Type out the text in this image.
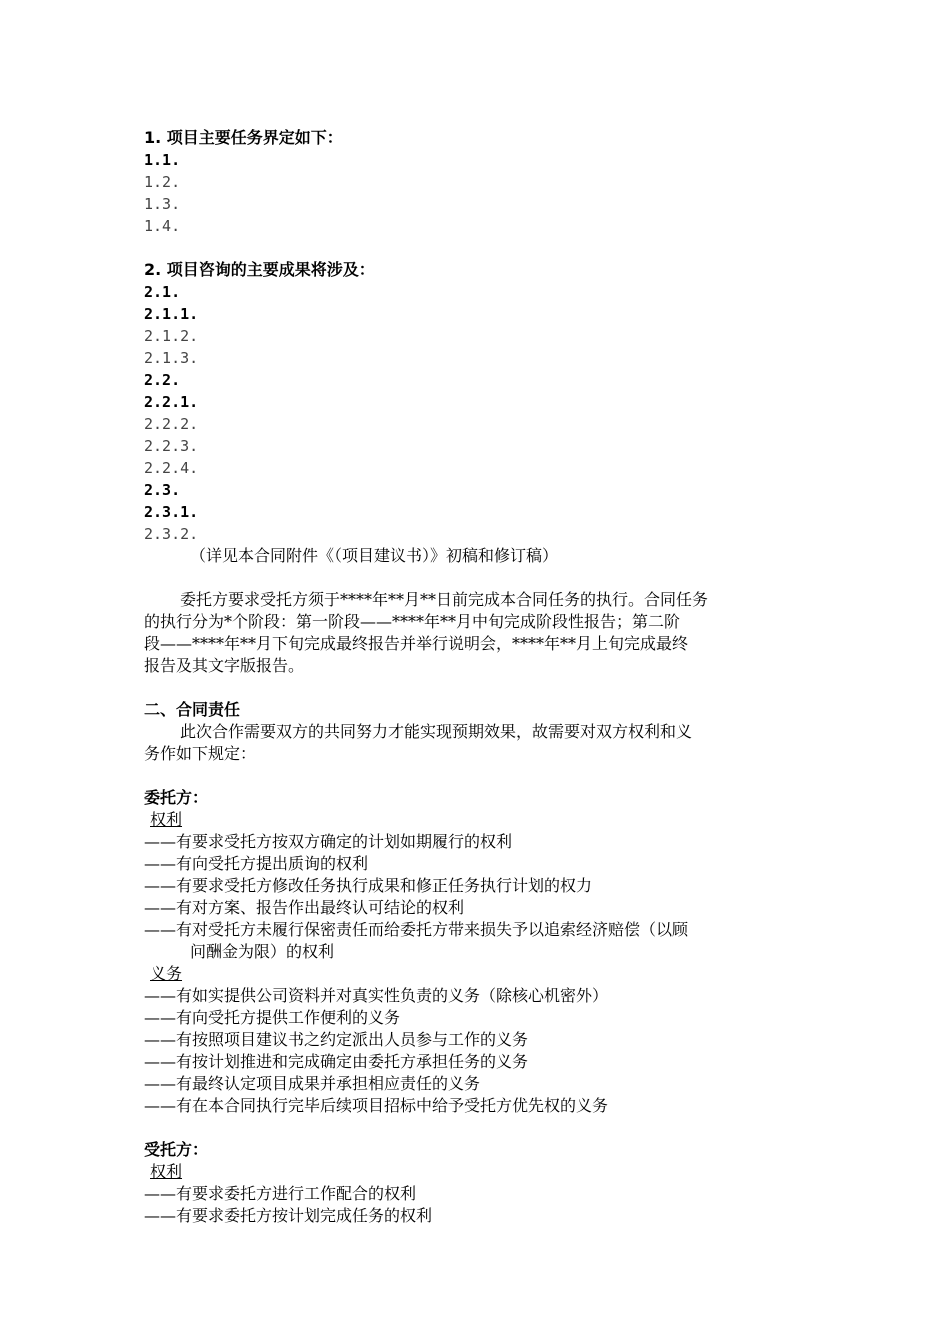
1. 项目主要任务界定如下：
1.1.
1.2.
1.3.
1.4.
2. 项目咨询的主要成果将涉及：
2.1.
2.1.1.
2.1.2.
2.1.3.
2.2.
2.2.1.
2.2.2.
2.2.3.
2.2.4.
2.3.
2.3.1.
2.3.2.
（详见本合同附件《（项目建议书）》初稿和修订稿）
委托方要求受托方须于****年**月**日前完成本合同任务的执行。合同任务
的执行分为*个阶段：第一阶段——****年**月中旬完成阶段性报告；第二阶
段——****年**月下旬完成最终报告并举行说明会，****年**月上旬完成最终
报告及其文字版报告。
二、合同责任
此次合作需要双方的共同努力才能实现预期效果，故需要对双方权利和义
务作如下规定：
委托方：
权利
——有要求受托方按双方确定的计划如期履行的权利
——有向受托方提出质询的权利
——有要求受托方修改任务执行成果和修正任务执行计划的权力
——有对方案、报告作出最终认可结论的权利
——有对受托方未履行保密责任而给委托方带来损失予以追索经济赔偿（以顾
问酬金为限）的权利
义务
——有如实提供公司资料并对真实性负责的义务（除核心机密外）
——有向受托方提供工作便利的义务
——有按照项目建议书之约定派出人员参与工作的义务
——有按计划推进和完成确定由委托方承担任务的义务
——有最终认定项目成果并承担相应责任的义务
——有在本合同执行完毕后续项目招标中给予受托方优先权的义务
受托方：
权利
——有要求委托方进行工作配合的权利
——有要求委托方按计划完成任务的权利
